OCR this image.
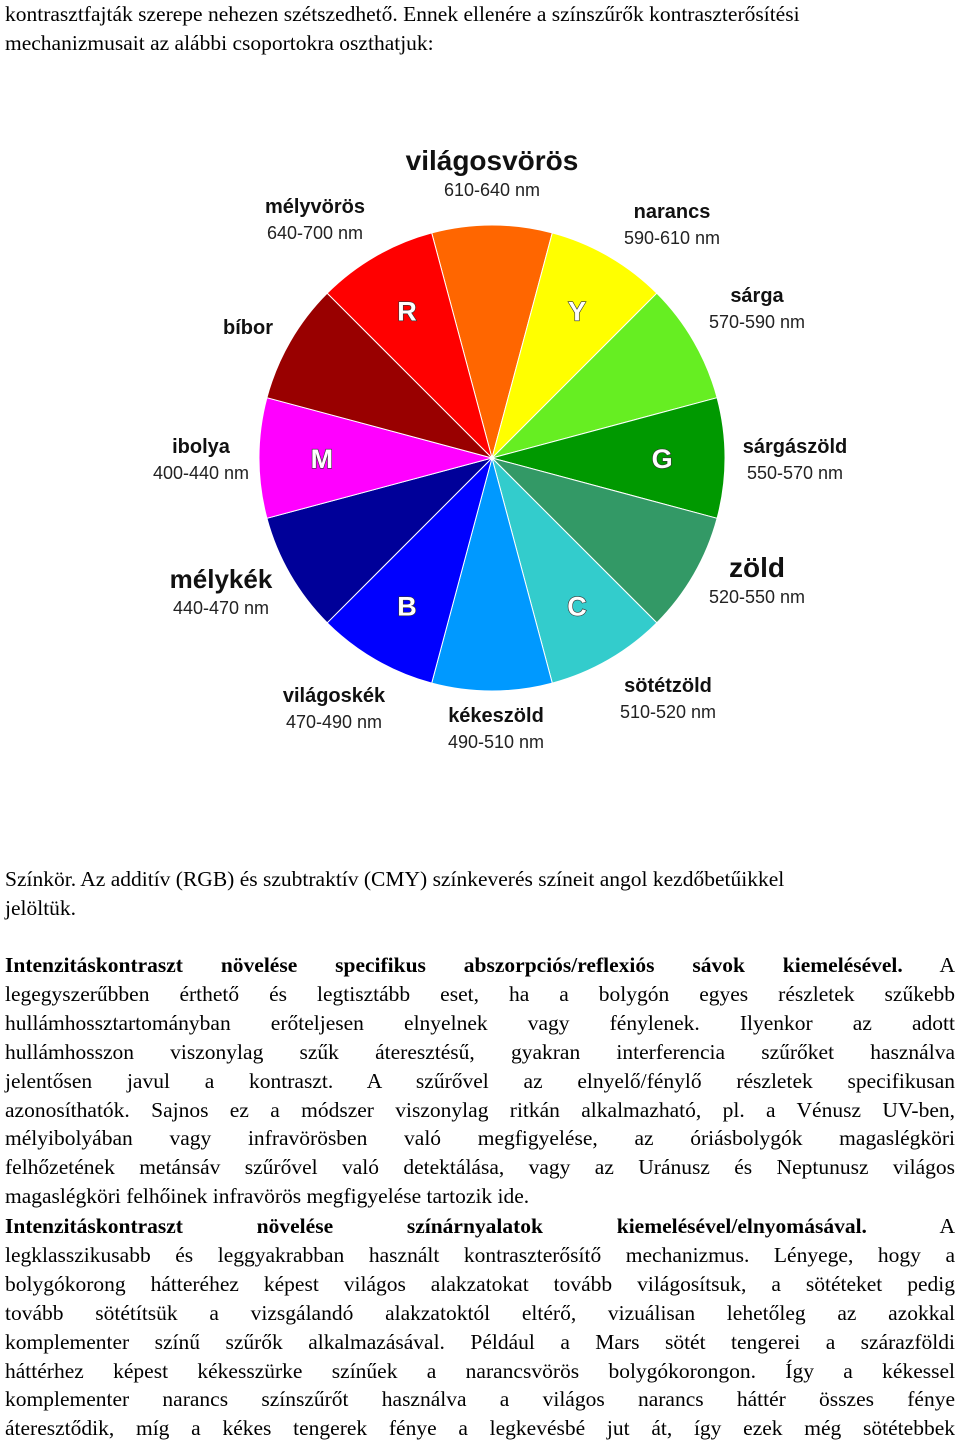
kontrasztfajták szerepe nehezen szétszedhető. Ennek ellenére a színszűrők kontraszterősítési
mechanizmusait az alábbi csoportokra oszthatjuk:
Y
G
C
B
M
R
narancs
590-610 nm
sárga
570-590 nm
sárgászöld
550-570 nm
zöld
520-550 nm
sötétzöld
510-520 nm
kékeszöld
490-510 nm
világoskék
470-490 nm
mélykék
440-470 nm
ibolya
400-440 nm
bíbor
mélyvörös
640-700 nm
világosvörös
610-640 nm
Színkör. Az additív (RGB) és szubtraktív (CMY) színkeverés színeit angol kezdőbetűikkel
jelöltük.
Intenzitáskontraszt növelése specifikus abszorpciós/reflexiós sávok kiemelésével. A
legegyszerűbben érthető és legtisztább eset, ha a bolygón egyes részletek szűkebb
hullámhossztartományban erőteljesen elnyelnek vagy fénylenek. Ilyenkor az adott
hullámhosszon viszonylag szűk áteresztésű, gyakran interferencia szűrőket használva
jelentősen javul a kontraszt. A szűrővel az elnyelő/fénylő részletek specifikusan
azonosíthatók. Sajnos ez a módszer viszonylag ritkán alkalmazható, pl. a Vénusz UV-ben,
mélyibolyában vagy infravörösben való megfigyelése, az óriásbolygók magaslégköri
felhőzetének metánsáv szűrővel való detektálása, vagy az Uránusz és Neptunusz világos
magaslégköri felhőinek infravörös megfigyelése tartozik ide.
Intenzitáskontraszt növelése színárnyalatok kiemelésével/elnyomásával. A
legklasszikusabb és leggyakrabban használt kontraszterősítő mechanizmus. Lényege, hogy a
bolygókorong hátteréhez képest világos alakzatokat tovább világosítsuk, a sötéteket pedig
tovább sötétítsük a vizsgálandó alakzatoktól eltérő, vizuálisan lehetőleg az azokkal
komplementer színű szűrők alkalmazásával. Például a Mars sötét tengerei a szárazföldi
háttérhez képest kékesszürke színűek a narancsvörös bolygókorongon. Így a kékessel
komplementer narancs színszűrőt használva a világos narancs háttér összes fénye
áteresztődik, míg a kékes tengerek fénye a legkevésbé jut át, így ezek még sötétebbek
